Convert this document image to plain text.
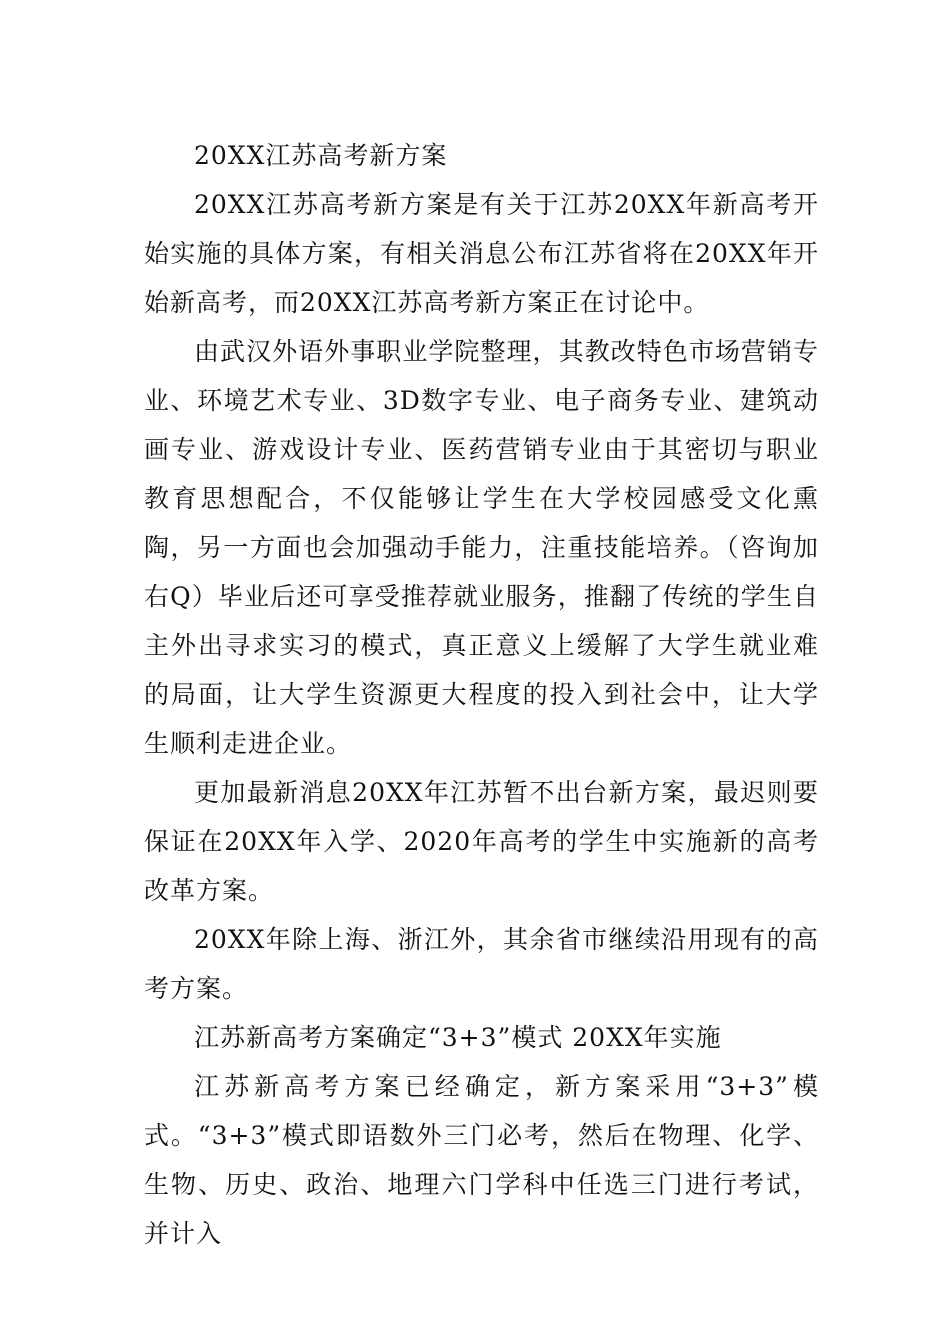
20XX江苏高考新方案

20XX江苏高考新方案是有关于江苏20XX年新高考开始实施的具体方案，有相关消息公布江苏省将在20XX年开始新高考，而20XX江苏高考新方案正在讨论中。

由武汉外语外事职业学院整理，其教改特色市场营销专业、环境艺术专业、3D数字专业、电子商务专业、建筑动画专业、游戏设计专业、医药营销专业由于其密切与职业教育思想配合，不仅能够让学生在大学校园感受文化熏陶，另一方面也会加强动手能力，注重技能培养。（咨询加右Q）毕业后还可享受推荐就业服务，推翻了传统的学生自主外出寻求实习的模式，真正意义上缓解了大学生就业难的局面，让大学生资源更大程度的投入到社会中，让大学生顺利走进企业。

更加最新消息20XX年江苏暂不出台新方案，最迟则要保证在20XX年入学、2020年高考的学生中实施新的高考改革方案。

20XX年除上海、浙江外，其余省市继续沿用现有的高考方案。

江苏新高考方案确定“3+3”模式 20XX年实施

江苏新高考方案已经确定，新方案采用“3+3”模式。“3+3”模式即语数外三门必考，然后在物理、化学、生物、历史、政治、地理六门学科中任选三门进行考试，并计入
